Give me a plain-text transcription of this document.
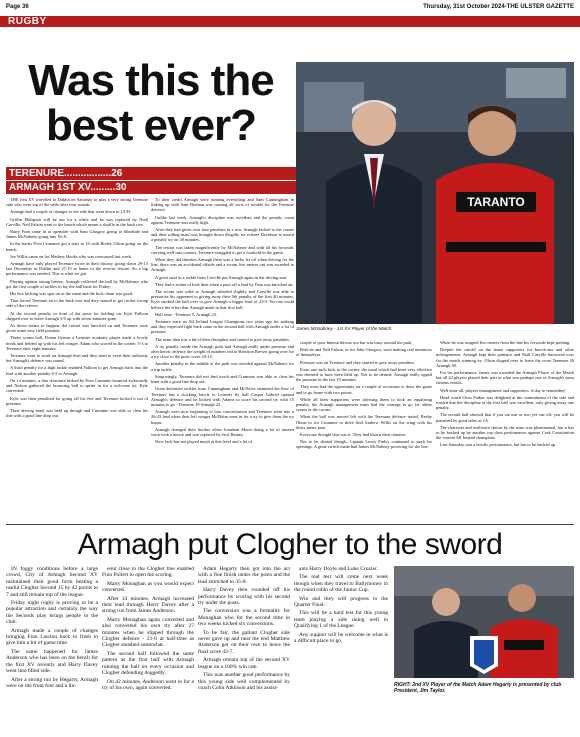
Page 36	Thursday, 31st October 2024-THE ULSTER GAZETTE
RUGBY
Was this the
best ever?
TERENURE.................26
ARMAGH 1ST XV.........30
TARANTO
James McNabney - 1st XV Player of the Match.

THE first XV travelled to Dublin on Saturday to play a very strong Terenure side who were top of the table after four rounds.

Armagh had a couple of changes to the side that went down to UCD.

Griffin Philipson will be out for a while and he was replaced by Niall Carville, Neil Falson went to the bench which meant a shuffle in the back row.

Barry Finn came in at openside with Sam Glasgow going to blindside and James McNabney going into No 8.

In the backs Evin Crummie got a start in 10 with Rodey Olson going on the bench.

Joe Willis came on for Mathew Hooks who was concussed last week.

Armagh have only played Terenure twice in their history, going down 29-13 last December in Dublin and 27-15 at home in the reverse fixture. So a big performance was needed. This is what we got.

Playing against strong breeze, Armagh collected the ball by McNabney who got the first couple of tackles to lay the ball back for Finley.

His box kicking was spot on as the main and the kick chase was good.

That forced Terenure on to the back foot and they started to get on the wrong side of the referee.

At the second penalty in front of the posts for holding on, Kyle Falloon chipped over to leave Armagh 3-0 up with seven minutes gone.

As down seems to happen, the restart was knocked on and Terenure were given some easy field position.

Theirs scrum ball, Fintan Greene a Leinster academy player made a lovely break and fielded up with his left winger. Adam who scored in the corner. 5-3 to Terenure after eight minutes.

Terenure went to work on Armagh then and they tried to exert their authority but Armagh's defence was sound.

A third penalty for a high tackle enabled Falloon to get Armagh back into the lead with another penalty 6-5 to Armagh.

On 14 minutes, a fine clearance kicked by Evin Crummie bounced awkwardly and Nelson gathered the bouncing ball to sprint in for a welcome try. Kyle converted.

Kyle was then penalised for going off his feet and Terenure kicked it out of pressure.

Their driving maul was held up though and Crummie was able to clear his line with a good line drop out.

To their credit Armagh were running everything and Sam Cunningham in linking up with Sam Berman was causing all sorts of trouble for the Terenure defence.

Unlike last week, Armagh's discipline was excellent and the penalty count against Terenure was really high.

After they had given over four penalties in a row, Armagh kicked to the corner and their rolling maul was brought down illegally for referee Davidson to award a penalty try on 30 minutes.

The restart was taken magnificently by McNabney and with all his forwards carrying well into contact, Terenure struggled to get a foothold in the game.

When they did threaten Armagh there was a lucky let off when driving for the line, there was an accidental offside and a scrum five metres out was awarded to Armagh.

A great steal in a tackle from Carville put Armagh again in the driving seat.

They had a stroke of luck then when a pass off a lead by Finn was knocked on.

The scrum was solid so Armagh wheeled slightly and Carville was able to pressurise his opponent to giving away their 9th penalty of the first 40 minutes. Kyle stroked the ball over to give Armagh a bigger lead of 23-5. No one could believe the effort that Armagh made in that first half.

Half time - Terenure 5, Armagh 23.

Terenure were an All Ireland League Champions two years ago for nothing and they expected fight back came in the second half with Armagh under a lot of pressure.

The team then lost a bit of their discipline and started to give away penalties.

A try penalty inside the Armagh pods had Armagh really under pressure and after heroic defence the weight of numbers led to Harrison Brewer going over for a try close to the posts score 23-12.

Another penalty in the middle of the park was avoided against McNabney for a trip tackle.

Surprisingly, Terenure did not find touch and Crummie was able to clear his lines with a good line drop out.

Great defensive tackles from Cunningham and McNeice stemmed the flow of Terenure but a clocking knock to Leinster fly half Caspar Gabriel opened Armagh's defence and he kicked with Adams to score his second try with 15 minutes to go - Terenure 19 Armagh 23.

Armagh were now beginning to lose concentration and Terenure went into a 26-23 lead when their left winger McEldon went in for a try to give them the try bonus.

Armagh changed their hooker when Jonathan Moon doing a lot of unseen work took a knock and was replaced by Jack Rainey.

Now Jack has not played much at this level and a lot of

couple of poor lineout throws too but was busy around the park.

Both he and Neil Falson, as for John Glasgow, were making real nuisances of themselves.

Pressure was on Terenure and they started to give away penalties.

From one such kick to the corner, the maul which had been very effective was deemed to have been held up. Not to be denied, Armagh really upped the pressure in the last 10 minutes.

They even had the opportunity on a couple of occasions to draw the game and to go home with two points.

While all their supporters were advising them to kick an equalising penalty, the Armagh management team had the courage to go for either scrum or the corner.

When the ball was moved left with the Terenure defence tested, Reeby Olson to Jor Crummie to drive find Andrew Willis on the wing with his thirty metre pass.

Everyone thought that was it. They had blown their chances.

Not to be denied though, Captain Lewis Finley continued to push for openings. A great switch made had James McNabney powering for the line.

When he was stopped five metres from the line his forwards kept probing.

Despite the catcall on the home supporters for knock-ons and other infringements, Armagh kept their patience and Niall Carville burrowed over for the match winning try. Olson slipped over to leave the score Terenure 26 Armagh 30.

For his performance, James was awarded the Armagh Player of the Match but all 22 players played their part in what was perhaps one of Armagh's most famous results.

Well done all, players management and supporters. A day to remember!

Head coach Chris Parker was delighted at the commitment of the side and trusted that the discipline at the first half was excellent, only giving away one penalty.

The second half showed that if you eat one or two yet one off, you will be punished by good sides in 1A.

The character and resilience shown by the team was phenomenal, but it has to be backed up by another top class performance against Cork Constitution the current All Ireland champions.

Last Saturday was a terrific performance, but has to be backed up

Armagh put Clogher to the sword

IN foggy conditions before a large crowd, City of Armagh Second XV maintained their good form beating a useful Clogher Second 15 by 42 points to 7 and still remain top of the league.

Friday night rugby is proving to be a popular attraction and certainly the way the Seconds play brings people to the club.

Armagh made a couple of changes bringing Fran Lawton back to fresh to give him a bit of game time.

The same happened for James Anderson who has been on the bench for the first XV recently and Harry Davey went into blind side.

After a strong run by Hegarty, Armagh were on the front foot and a lin-

eout close to the Clogher line enabled Finn Pollert to open the scoring.

Marty Monaghan as you would expect converted.

After 14 minutes, Armagh increased their lead through Harry Davey after a strong run from James Anderson.

Marty Monaghan again converted and also converted his own try after 27 minutes when he slipped through the Clogher defence - 21-0 at half-time as Clogher steadied somewhat.

The second half followed the same pattern as the first half with Armagh running the ball on every occasion and Clogher defending doggedly.

On 42 minutes, Anderson went in for a try of his own, again converted.

Adam Hegarty then got into the act with a fine finish under the posts and the lead stretched to 35-0.

Harry Davey then rounded off his performance by scoring with his second try under the posts.

The conversion was a formality for Monaghan who for the second time in two weeks kicked six conversions.

To be fair, the gallant Clogher side never gave up and near the end Matthew Anderson got on their own to leave the final score 42-7.

Armagh remain top of the second XV league on a 100% win rate.

This was another good performance by this young side well complemented by coach Colin Atkinson and his assist-

ants Harry Doyle and Luke Crozier.

The real test will come next week though when they travel to Ballymoney in the round robin of the Junior Cup.

Win and they will progress to the Quarter Final.

This will be a hard test for this young team playing a side doing well in Qualifying 1 of the League.

Any support will be welcome in what is a difficult place to go.

RIGHT: 2nd XV Player of the Match Adam Hegarty is presented by club President, Jim Taylor.
